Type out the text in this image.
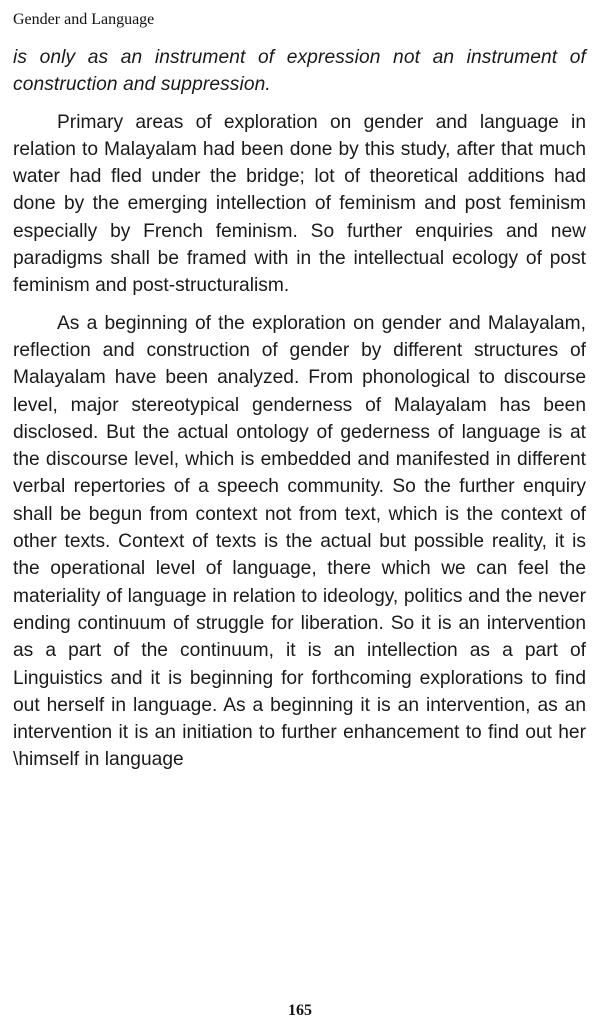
Gender and Language

is only as an instrument of expression not an instrument of construction and suppression.

Primary areas of exploration on gender and language in relation to Malayalam had been done by this study, after that much water had fled under the bridge; lot of theoretical additions had done by the emerging intellection of feminism and post feminism especially by French feminism. So further enquiries and new paradigms shall be framed with in the intellectual ecology of post feminism and post-structuralism.

As a beginning of the exploration on gender and Malayalam, reflection and construction of gender by different structures of Malayalam have been analyzed. From phonological to discourse level, major stereotypical genderness of Malayalam has been disclosed. But the actual ontology of gederness of language is at the discourse level, which is embedded and manifested in different verbal repertories of a speech community. So the further enquiry shall be begun from context not from text, which is the context of other texts. Context of texts is the actual but possible reality, it is the operational level of language, there which we can feel the materiality of language in relation to ideology, politics and the never ending continuum of struggle for liberation. So it is an intervention as a part of the continuum, it is an intellection as a part of Linguistics and it is beginning for forthcoming explorations to find out herself in language. As a beginning it is an intervention, as an intervention it is an initiation to further enhancement to find out her \himself in language

165
